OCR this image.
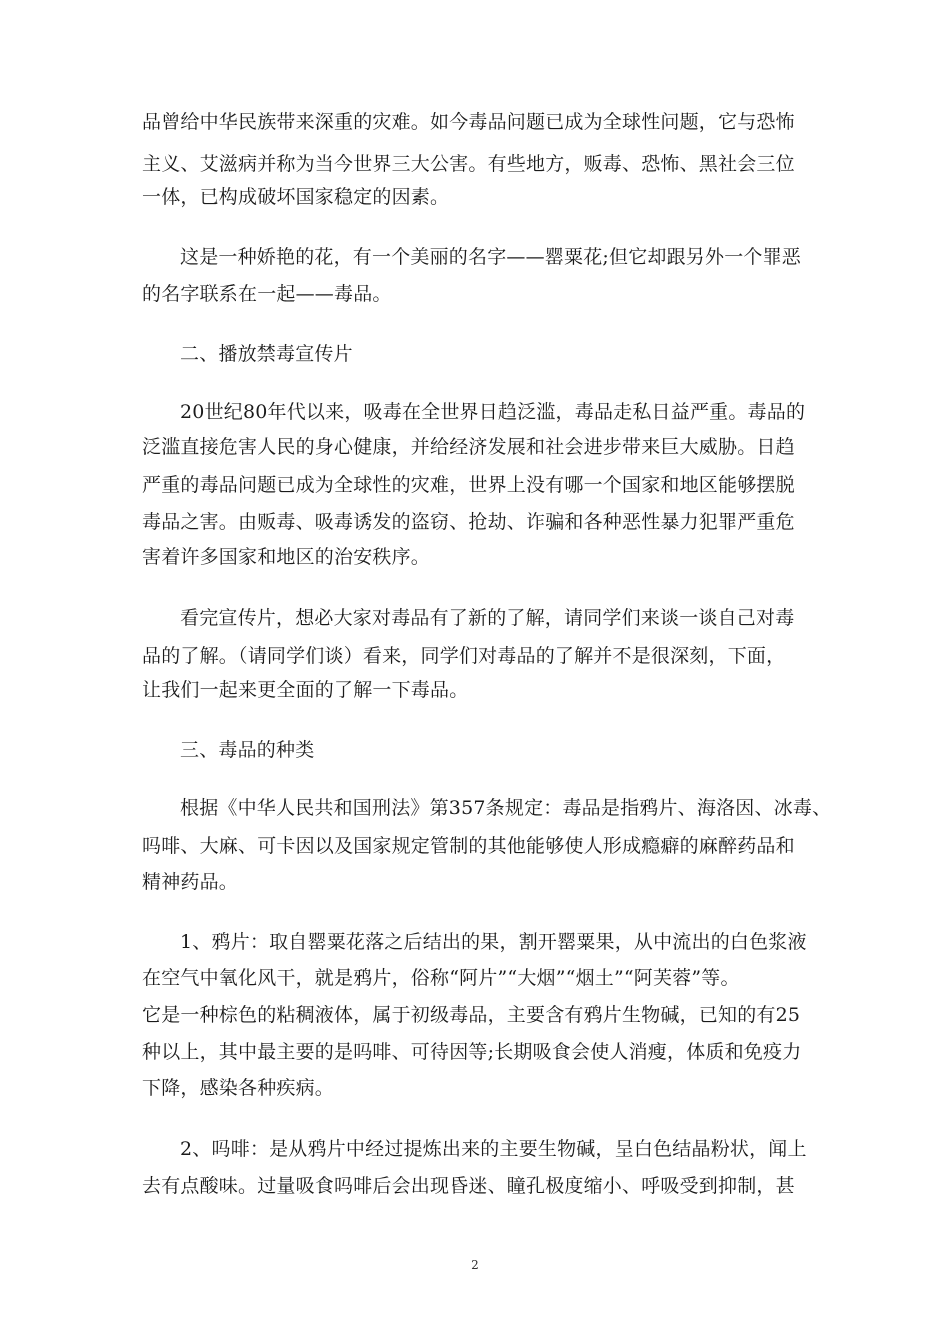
品曾给中华民族带来深重的灾难。如今毒品问题已成为全球性问题，它与恐怖
主义、艾滋病并称为当今世界三大公害。有些地方，贩毒、恐怖、黑社会三位
一体，已构成破坏国家稳定的因素。
这是一种娇艳的花，有一个美丽的名字——罂粟花;但它却跟另外一个罪恶
的名字联系在一起——毒品。
二、播放禁毒宣传片
20世纪80年代以来，吸毒在全世界日趋泛滥，毒品走私日益严重。毒品的
泛滥直接危害人民的身心健康，并给经济发展和社会进步带来巨大威胁。日趋
严重的毒品问题已成为全球性的灾难，世界上没有哪一个国家和地区能够摆脱
毒品之害。由贩毒、吸毒诱发的盗窃、抢劫、诈骗和各种恶性暴力犯罪严重危
害着许多国家和地区的治安秩序。
看完宣传片，想必大家对毒品有了新的了解，请同学们来谈一谈自己对毒
品的了解。（请同学们谈）看来，同学们对毒品的了解并不是很深刻，下面，
让我们一起来更全面的了解一下毒品。
三、毒品的种类
根据《中华人民共和国刑法》第357条规定：毒品是指鸦片、海洛因、冰毒、
吗啡、大麻、可卡因以及国家规定管制的其他能够使人形成瘾癖的麻醉药品和
精神药品。
1、鸦片：取自罂粟花落之后结出的果，割开罂粟果，从中流出的白色浆液
在空气中氧化风干，就是鸦片，俗称“阿片”“大烟”“烟土”“阿芙蓉”等。
它是一种棕色的粘稠液体，属于初级毒品，主要含有鸦片生物碱，已知的有25
种以上，其中最主要的是吗啡、可待因等;长期吸食会使人消瘦，体质和免疫力
下降，感染各种疾病。
2、吗啡：是从鸦片中经过提炼出来的主要生物碱，呈白色结晶粉状，闻上
去有点酸味。过量吸食吗啡后会出现昏迷、瞳孔极度缩小、呼吸受到抑制，甚
2
